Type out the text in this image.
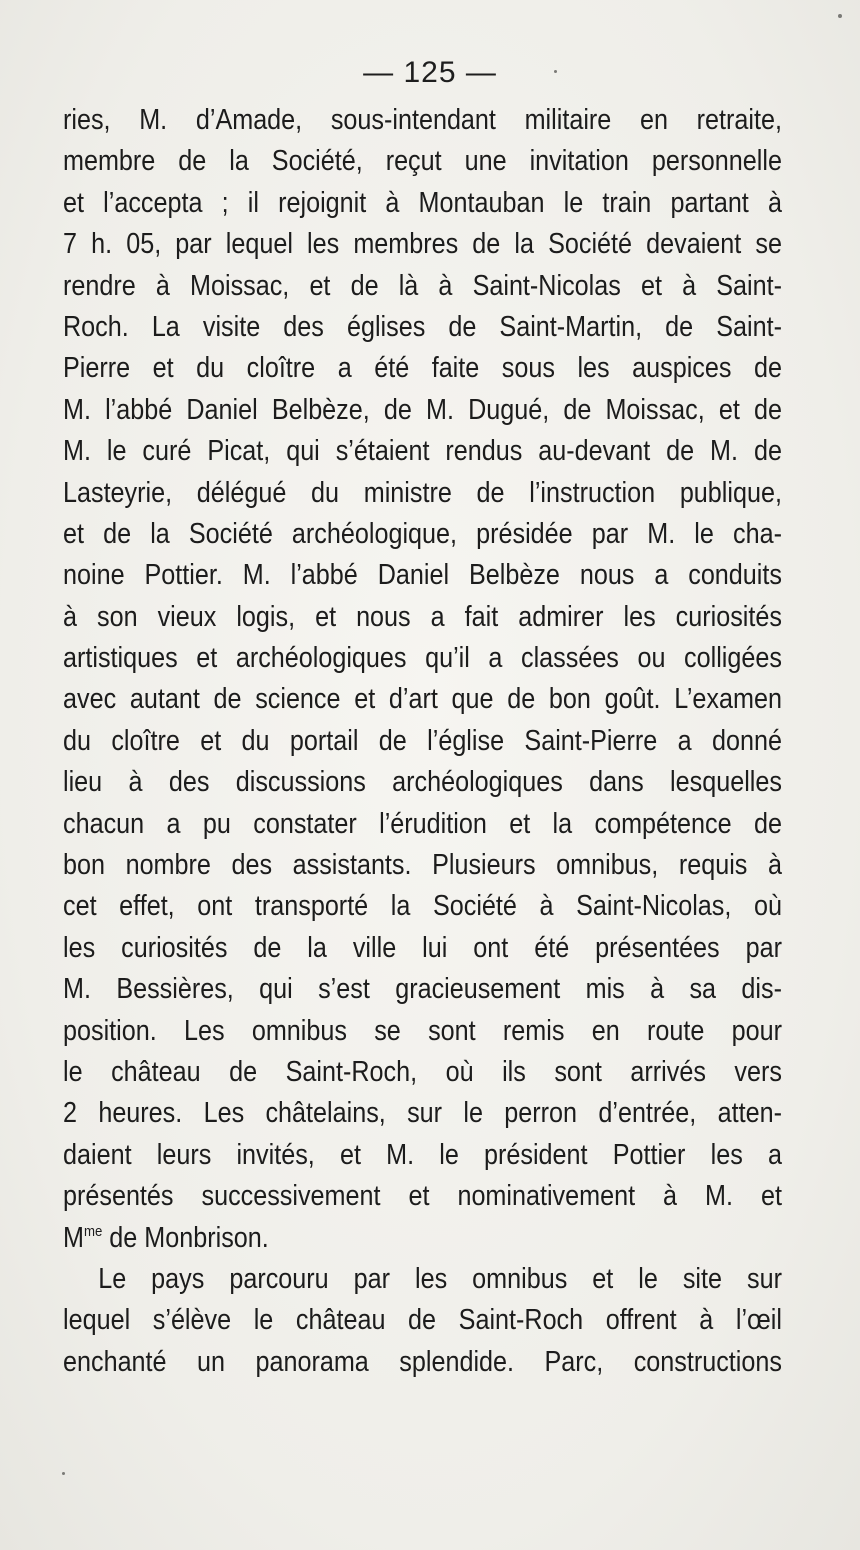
— 125 —
ries, M. d’Amade, sous-intendant militaire en retraite,
membre de la Société, reçut une invitation personnelle
et l’accepta ; il rejoignit à Montauban le train partant à
7 h. 05, par lequel les membres de la Société devaient se
rendre à Moissac, et de là à Saint-Nicolas et à Saint-
Roch. La visite des églises de Saint-Martin, de Saint-
Pierre et du cloître a été faite sous les auspices de
M. l’abbé Daniel Belbèze, de M. Dugué, de Moissac, et de
M. le curé Picat, qui s’étaient rendus au-devant de M. de
Lasteyrie, délégué du ministre de l’instruction publique,
et de la Société archéologique, présidée par M. le cha-
noine Pottier. M. l’abbé Daniel Belbèze nous a conduits
à son vieux logis, et nous a fait admirer les curiosités
artistiques et archéologiques qu’il a classées ou colligées
avec autant de science et d’art que de bon goût. L’examen
du cloître et du portail de l’église Saint-Pierre a donné
lieu à des discussions archéologiques dans lesquelles
chacun a pu constater l’érudition et la compétence de
bon nombre des assistants. Plusieurs omnibus, requis à
cet effet, ont transporté la Société à Saint-Nicolas, où
les curiosités de la ville lui ont été présentées par
M. Bessières, qui s’est gracieusement mis à sa dis-
position. Les omnibus se sont remis en route pour
le château de Saint-Roch, où ils sont arrivés vers
2 heures. Les châtelains, sur le perron d’entrée, atten-
daient leurs invités, et M. le président Pottier les a
présentés successivement et nominativement à M. et
$M^{me}$ de Monbrison.
Le pays parcouru par les omnibus et le site sur
lequel s’élève le château de Saint-Roch offrent à l’œil
enchanté un panorama splendide. Parc, constructions
